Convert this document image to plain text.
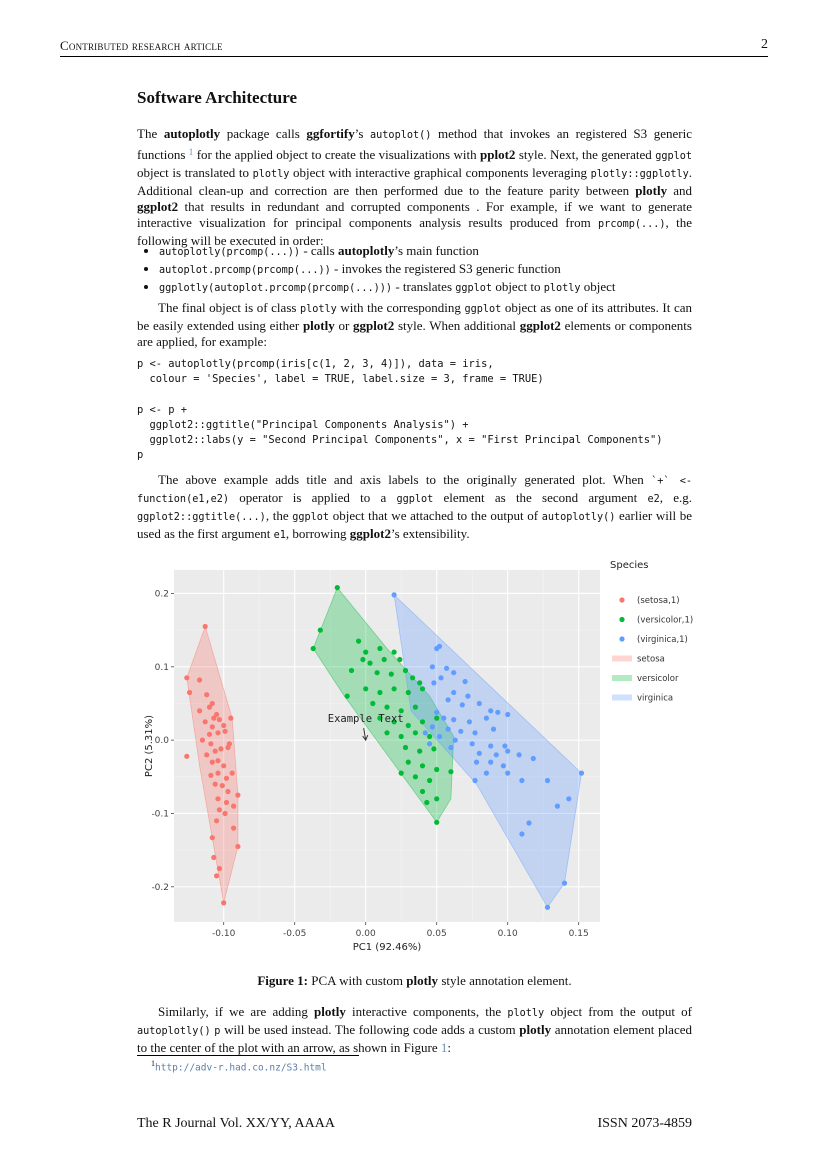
Contributed research article	2
Software Architecture

The autoplotly package calls ggfortify’s autoplot() method that invokes an registered S3 generic functions $^1$ for the applied object to create the visualizations with pplot2 style. Next, the generated ggplot object is translated to plotly object with interactive graphical components leveraging plotly::ggplotly. Additional clean-up and correction are then performed due to the feature parity between plotly and ggplot2 that results in redundant and corrupted components . For example, if we want to generate interactive visualization for principal components analysis results produced from prcomp(...), the following will be executed in order:

• autoplotly(prcomp(...)) - calls autoplotly’s main function
• autoplot.prcomp(prcomp(...)) - invokes the registered S3 generic function
• ggplotly(autoplot.prcomp(prcomp(...))) - translates ggplot object to plotly object

The final object is of class plotly with the corresponding ggplot object as one of its attributes. It can be easily extended using either plotly or ggplot2 style. When additional ggplot2 elements or components are applied, for example:

p <- autoplotly(prcomp(iris[c(1, 2, 3, 4)]), data = iris,
colour = 'Species', label = TRUE, label.size = 3, frame = TRUE)
p <- p +
ggplot2::ggtitle("Principal Components Analysis") +
ggplot2::labs(y = "Second Principal Components", x = "First Principal Components")
p

The above example adds title and axis labels to the originally generated plot. When `+` <-function(e1,e2) operator is applied to a ggplot element as the second argument e2, e.g. ggplot2::ggtitle(...), the ggplot object that we attached to the output of autoplotly() earlier will be used as the first argument e1, borrowing ggplot2’s extensibility.

-0.10	-0.05	0.00	0.05	0.10	0.15
0.2
0.1
0.0
-0.1
-0.2
Example Text
PC1 (92.46%)
PC2 (5.31%)
Species
(setosa,1)
(versicolor,1)
(virginica,1)
setosa
versicolor
virginica
Figure 1: PCA with custom plotly style annotation element.

Similarly, if we are adding plotly interactive components, the plotly object from the output of autoplotly() p will be used instead. The following code adds a custom plotly annotation element placed to the center of the plot with an arrow, as shown in Figure 1:

$^1$http://adv-r.had.co.nz/S3.html
The R Journal Vol. XX/YY, AAAA	ISSN 2073-4859
